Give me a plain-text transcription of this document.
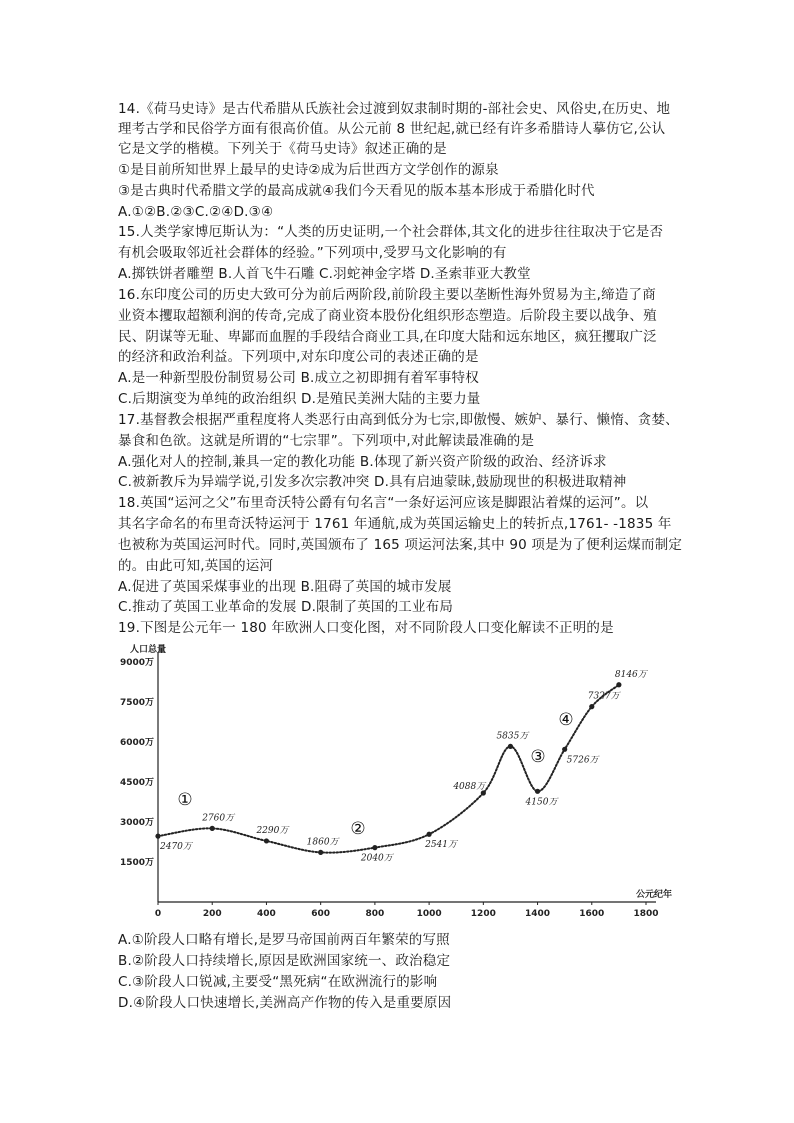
14.《荷马史诗》是古代希腊从氏族社会过渡到奴隶制时期的-部社会史、风俗史,在历史、地
理考古学和民俗学方面有很高价值。从公元前 8 世纪起,就已经有许多希腊诗人摹仿它,公认
它是文学的楷模。下列关于《荷马史诗》叙述正确的是
①是目前所知世界上最早的史诗②成为后世西方文学创作的源泉
③是古典时代希腊文学的最高成就④我们今天看见的版本基本形成于希腊化时代
A.①②B.②③C.②④D.③④
15.人类学家博厄斯认为：“人类的历史证明,一个社会群体,其文化的进步往往取决于它是否
有机会吸取邻近社会群体的经验。”下列项中,受罗马文化影响的有
A.掷铁饼者雕塑 B.人首飞牛石雕 C.羽蛇神金字塔 D.圣索菲亚大教堂
16.东印度公司的历史大致可分为前后两阶段,前阶段主要以垄断性海外贸易为主,缔造了商
业资本攫取超额利润的传奇,完成了商业资本股份化组织形态塑造。后阶段主要以战争、殖
民、阴谋等无耻、卑鄙而血腥的手段结合商业工具,在印度大陆和远东地区，疯狂攫取广泛
的经济和政治利益。下列项中,对东印度公司的表述正确的是
A.是一种新型股份制贸易公司 B.成立之初即拥有着军事特权
C.后期演变为单纯的政治组织 D.是殖民美洲大陆的主要力量
17.基督教会根据严重程度将人类恶行由高到低分为七宗,即傲慢、嫉妒、暴行、懒惰、贪婪、
暴食和色欲。这就是所谓的“七宗罪”。下列项中,对此解读最准确的是
A.强化对人的控制,兼具一定的教化功能 B.体现了新兴资产阶级的政治、经济诉求
C.被新教斥为异端学说,引发多次宗教冲突 D.具有启迪蒙昧,鼓励现世的积极进取精神
18.英国“运河之父”布里奇沃特公爵有句名言“一条好运河应该是脚跟沾着煤的运河”。以
其名字命名的布里奇沃特运河于 1761 年通航,成为英国运输史上的转折点,1761- -1835 年
也被称为英国运河时代。同时,英国颁布了 165 项运河法案,其中 90 项是为了便利运煤而制定
的。由此可知,英国的运河
A.促进了英国采煤事业的出现 B.阻碍了英国的城市发展
C.推动了英国工业革命的发展 D.限制了英国的工业布局
19.下图是公元年一 180 年欧洲人口变化图，对不同阶段人口变化解读不正明的是
人口总量
公元纪年
0	200	400	600	800	1000	1200	1400	1600	1800
1500万
3000万
4500万
6000万
7500万
9000万
2470万
2760万
2290万
1860万
2040万
2541万
4088万
5835万
4150万
5726万
7327万
8146万
①
②
③
④
A.①阶段人口略有增长,是罗马帝国前两百年繁荣的写照
B.②阶段人口持续增长,原因是欧洲国家统一、政治稳定
C.③阶段人口锐减,主要受“黑死病“在欧洲流行的影响
D.④阶段人口快速增长,美洲高产作物的传入是重要原因
